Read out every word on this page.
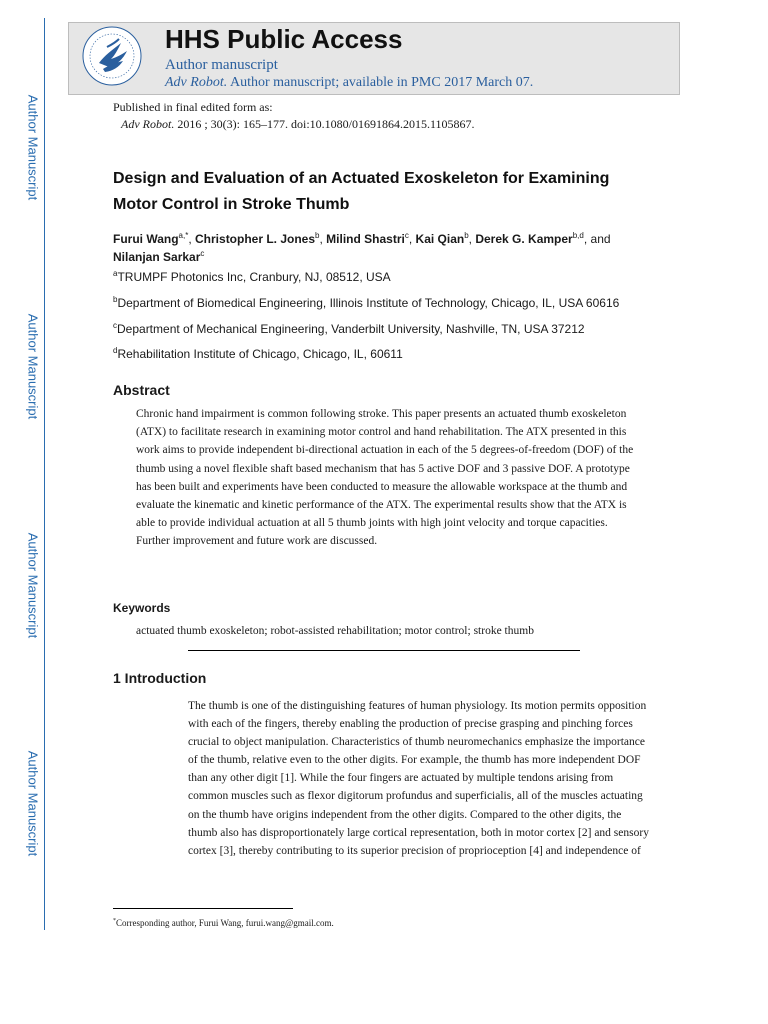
Author Manuscript
Author Manuscript
Author Manuscript
Author Manuscript
HHS Public Access
Author manuscript
Adv Robot. Author manuscript; available in PMC 2017 March 07.
Published in final edited form as:
Adv Robot. 2016 ; 30(3): 165–177. doi:10.1080/01691864.2015.1105867.
Design and Evaluation of an Actuated Exoskeleton for Examining Motor Control in Stroke Thumb
Furui Wang$^{a,*}$, Christopher L. Jones$^b$, Milind Shastri$^c$, Kai Qian$^b$, Derek G. Kamper$^{b,d}$, and
Nilanjan Sarkar$^c$
$^a$TRUMPF Photonics Inc, Cranbury, NJ, 08512, USA
$^b$Department of Biomedical Engineering, Illinois Institute of Technology, Chicago, IL, USA 60616
$^c$Department of Mechanical Engineering, Vanderbilt University, Nashville, TN, USA 37212
$^d$Rehabilitation Institute of Chicago, Chicago, IL, 60611
Abstract
Chronic hand impairment is common following stroke. This paper presents an actuated thumb exoskeleton (ATX) to facilitate research in examining motor control and hand rehabilitation. The ATX presented in this work aims to provide independent bi-directional actuation in each of the 5 degrees-of-freedom (DOF) of the thumb using a novel flexible shaft based mechanism that has 5 active DOF and 3 passive DOF. A prototype has been built and experiments have been conducted to measure the allowable workspace at the thumb and evaluate the kinematic and kinetic performance of the ATX. The experimental results show that the ATX is able to provide individual actuation at all 5 thumb joints with high joint velocity and torque capacities. Further improvement and future work are discussed.
Keywords
actuated thumb exoskeleton; robot-assisted rehabilitation; motor control; stroke thumb
1 Introduction
The thumb is one of the distinguishing features of human physiology. Its motion permits opposition with each of the fingers, thereby enabling the production of precise grasping and pinching forces crucial to object manipulation. Characteristics of thumb neuromechanics emphasize the importance of the thumb, relative even to the other digits. For example, the thumb has more independent DOF than any other digit [1]. While the four fingers are actuated by multiple tendons arising from common muscles such as flexor digitorum profundus and superficialis, all of the muscles actuating on the thumb have origins independent from the other digits. Compared to the other digits, the thumb also has disproportionately large cortical representation, both in motor cortex [2] and sensory cortex [3], thereby contributing to its superior precision of proprioception [4] and independence of
*Corresponding author, Furui Wang, furui.wang@gmail.com.
